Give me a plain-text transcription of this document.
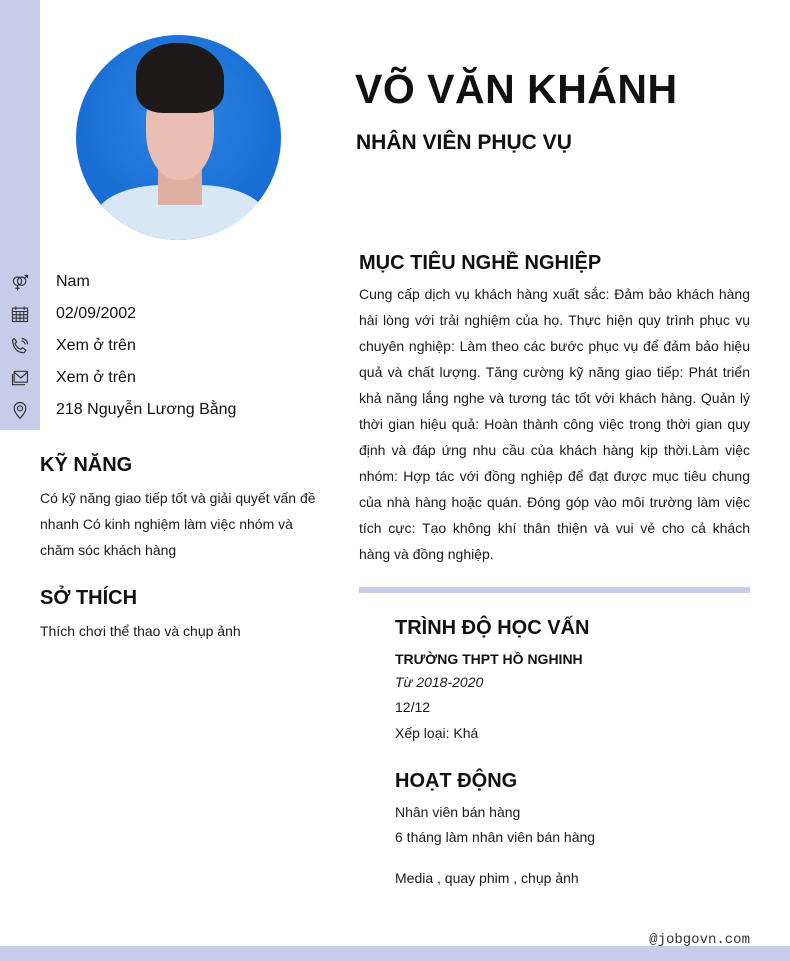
VÕ VĂN KHÁNH
NHÂN VIÊN PHỤC VỤ
Nam
02/09/2002
Xem ở trên
Xem ở trên
218 Nguyễn Lương Bằng
KỸ NĂNG
Có kỹ năng giao tiếp tốt và giải quyết vấn đề nhanh Có kinh nghiệm làm việc nhóm và chăm sóc khách hàng
SỞ THÍCH
Thích chơi thể thao và chụp ảnh
MỤC TIÊU NGHỀ NGHIỆP
Cung cấp dịch vụ khách hàng xuất sắc: Đảm bảo khách hàng hài lòng với trải nghiệm của họ. Thực hiện quy trình phục vụ chuyên nghiệp: Làm theo các bước phục vụ để đảm bảo hiệu quả và chất lượng. Tăng cường kỹ năng giao tiếp: Phát triển khả năng lắng nghe và tương tác tốt với khách hàng. Quản lý thời gian hiệu quả: Hoàn thành công việc trong thời gian quy định và đáp ứng nhu cầu của khách hàng kịp thời.Làm việc nhóm: Hợp tác với đồng nghiệp để đạt được mục tiêu chung của nhà hàng hoặc quán. Đóng góp vào môi trường làm việc tích cực: Tạo không khí thân thiện và vui vẻ cho cả khách hàng và đồng nghiệp.
TRÌNH ĐỘ HỌC VẤN
TRƯỜNG THPT HỒ NGHINH
Từ 2018-2020
12/12
Xếp loại: Khá
HOẠT ĐỘNG
Nhân viên bán hàng
6 tháng làm nhân viên bán hàng
Media , quay phim , chụp ảnh
@jobgovn.com
